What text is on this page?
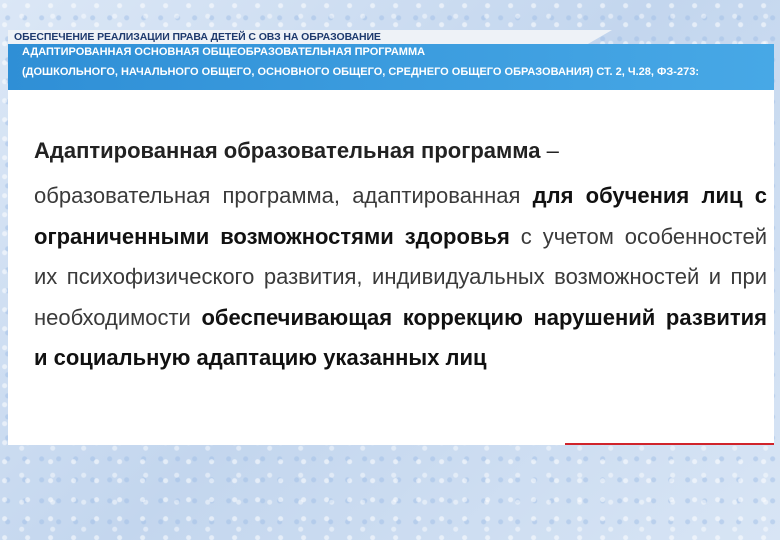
ОБЕСПЕЧЕНИЕ РЕАЛИЗАЦИИ ПРАВА ДЕТЕЙ С ОВЗ НА ОБРАЗОВАНИЕ
АДАПТИРОВАННАЯ ОСНОВНАЯ ОБЩЕОБРАЗОВАТЕЛЬНАЯ ПРОГРАММА
(ДОШКОЛЬНОГО, НАЧАЛЬНОГО ОБЩЕГО, ОСНОВНОГО ОБЩЕГО, СРЕДНЕГО ОБЩЕГО ОБРАЗОВАНИЯ) СТ. 2, Ч.28, ФЗ-273:
Адаптированная образовательная программа –

образовательная программа, адаптированная для обучения лиц с ограниченными возможностями здоровья с учетом особенностей их психофизического развития, индивидуальных возможностей и при необходимости обеспечивающая коррекцию нарушений развития и социальную адаптацию указанных лиц
